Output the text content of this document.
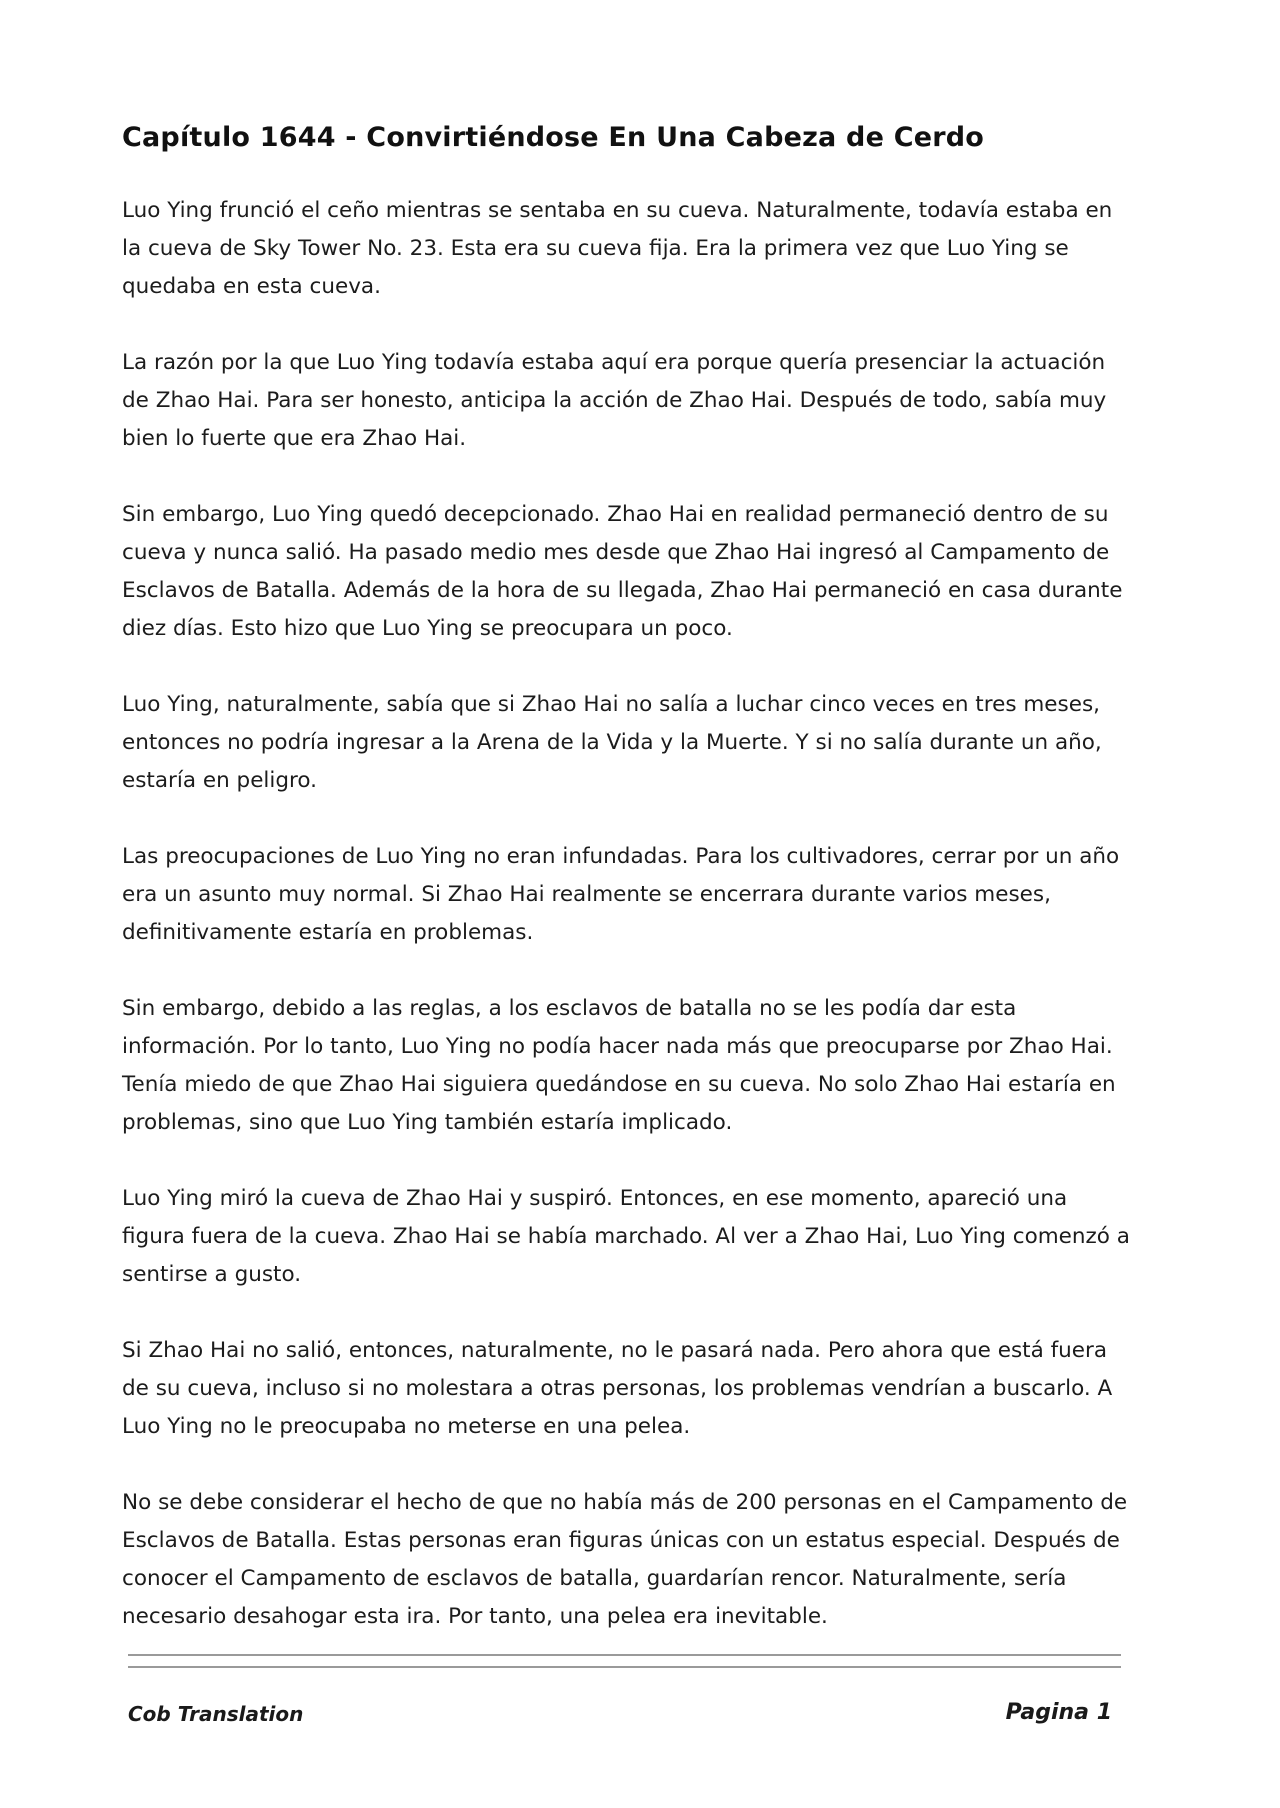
Capítulo 1644 - Convirtiéndose En Una Cabeza de Cerdo

Luo Ying frunció el ceño mientras se sentaba en su cueva. Naturalmente, todavía estaba en la cueva de Sky Tower No. 23. Esta era su cueva fija. Era la primera vez que Luo Ying se quedaba en esta cueva.

La razón por la que Luo Ying todavía estaba aquí era porque quería presenciar la actuación de Zhao Hai. Para ser honesto, anticipa la acción de Zhao Hai. Después de todo, sabía muy bien lo fuerte que era Zhao Hai.

Sin embargo, Luo Ying quedó decepcionado. Zhao Hai en realidad permaneció dentro de su cueva y nunca salió. Ha pasado medio mes desde que Zhao Hai ingresó al Campamento de Esclavos de Batalla. Además de la hora de su llegada, Zhao Hai permaneció en casa durante diez días. Esto hizo que Luo Ying se preocupara un poco.

Luo Ying, naturalmente, sabía que si Zhao Hai no salía a luchar cinco veces en tres meses, entonces no podría ingresar a la Arena de la Vida y la Muerte. Y si no salía durante un año, estaría en peligro.

Las preocupaciones de Luo Ying no eran infundadas. Para los cultivadores, cerrar por un año era un asunto muy normal. Si Zhao Hai realmente se encerrara durante varios meses, definitivamente estaría en problemas.

Sin embargo, debido a las reglas, a los esclavos de batalla no se les podía dar esta información. Por lo tanto, Luo Ying no podía hacer nada más que preocuparse por Zhao Hai. Tenía miedo de que Zhao Hai siguiera quedándose en su cueva. No solo Zhao Hai estaría en problemas, sino que Luo Ying también estaría implicado.

Luo Ying miró la cueva de Zhao Hai y suspiró. Entonces, en ese momento, apareció una figura fuera de la cueva. Zhao Hai se había marchado. Al ver a Zhao Hai, Luo Ying comenzó a sentirse a gusto.

Si Zhao Hai no salió, entonces, naturalmente, no le pasará nada. Pero ahora que está fuera de su cueva, incluso si no molestara a otras personas, los problemas vendrían a buscarlo. A Luo Ying no le preocupaba no meterse en una pelea.

No se debe considerar el hecho de que no había más de 200 personas en el Campamento de Esclavos de Batalla. Estas personas eran figuras únicas con un estatus especial. Después de conocer el Campamento de esclavos de batalla, guardarían rencor. Naturalmente, sería necesario desahogar esta ira. Por tanto, una pelea era inevitable.

Cob Translation	Pagina 1
